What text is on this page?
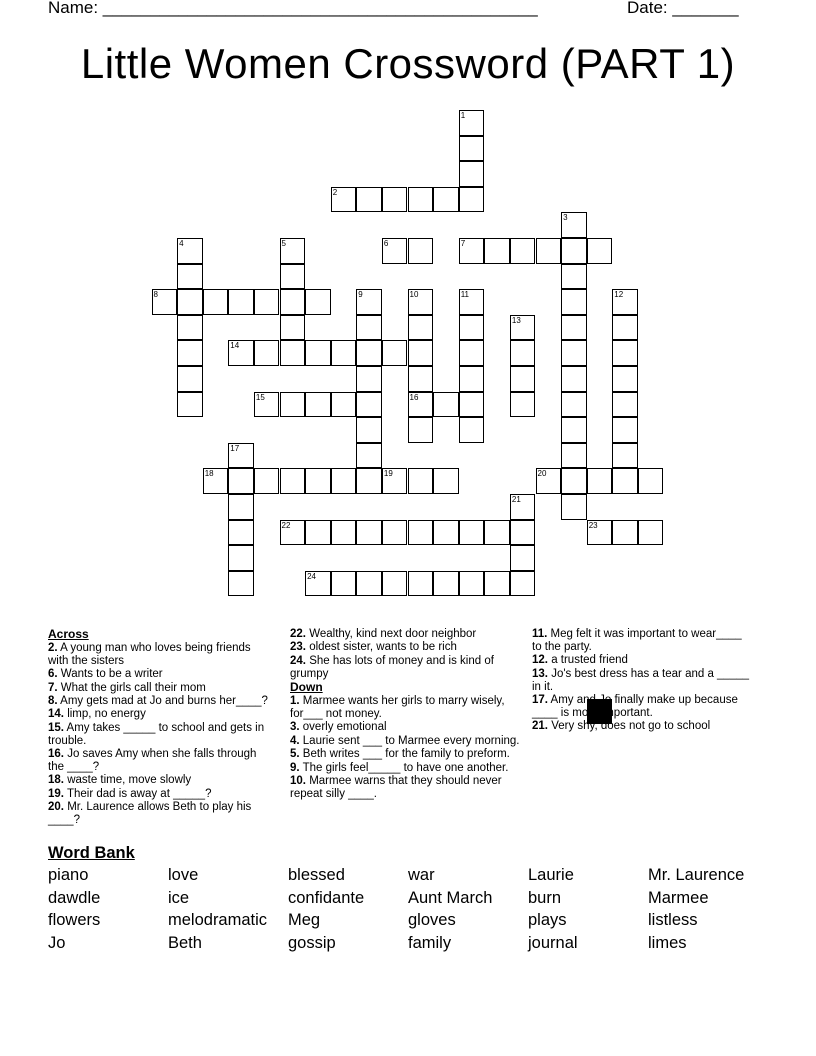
Name: ______________________________________________	Date: _______
Little Women Crossword (PART 1)
1
2
3
4	5	6	7
8	9	10
16
11	12
13
14
15
17
18	19	20
21
22	23
24
Across
2. A young man who loves being friends with the sisters
6. Wants to be a writer
7. What the girls call their mom
8. Amy gets mad at Jo and burns her____?
14. limp, no energy
15. Amy takes _____ to school and gets in trouble.
16. Jo saves Amy when she falls through the ____?
18. waste time, move slowly
19. Their dad is away at _____?
20. Mr. Laurence allows Beth to play his ____?
22. Wealthy, kind next door neighbor
23. oldest sister, wants to be rich
24. She has lots of money and is kind of grumpy
Down
1. Marmee wants her girls to marry wisely, for___ not money.
3. overly emotional
4. Laurie sent ___ to Marmee every morning.
5. Beth writes ___ for the family to preform.
9. The girls feel_____ to have one another.
10. Marmee warns that they should never repeat silly ____.
11. Meg felt it was important to wear____ to the party.
12. a trusted friend
13. Jo's best dress has a tear and a _____ in it.
17. Amy and Jo finally make up because ____ is more important.
21. Very shy, does not go to school
Word Bank
piano	love	blessed	war	Laurie	Mr. Laurence
dawdle	ice	confidante	Aunt March	burn	Marmee
flowers	melodramatic	Meg	gloves	plays	listless
Jo	Beth	gossip	family	journal	limes
